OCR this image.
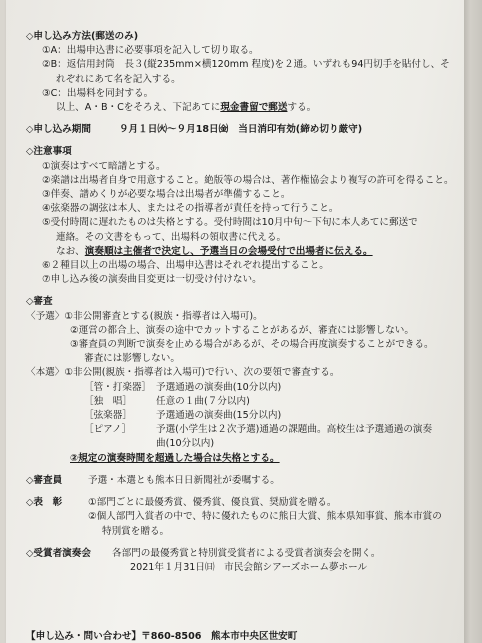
◇申し込み方法(郵送のみ)
①A：出場申込書に必要事項を記入して切り取る。
②B：返信用封筒　長３(縦235mm×横120mm 程度)を２通。いずれも94円切手を貼付し、そ
れぞれにあて名を記入する。
③C：出場料を同封する。
以上、A・B・Cをそろえ、下記あてに現金書留で郵送する。
◇申し込み期間	９月１日㈫～９月18日㈮ 当日消印有効(締め切り厳守)
◇注意事項
①演奏はすべて暗譜とする。
②楽譜は出場者自身で用意すること。絶版等の場合は、著作権協会より複写の許可を得ること。
③伴奏、譜めくりが必要な場合は出場者が準備すること。
④弦楽器の調弦は本人、またはその指導者が責任を持って行うこと。
⑤受付時間に遅れたものは失格とする。受付時間は10月中旬～下旬に本人あてに郵送で
連絡。その文書をもって、出場料の領収書に代える。
なお、演奏順は主催者で決定し、予選当日の会場受付で出場者に伝える。
⑥２種目以上の出場の場合、出場申込書はそれぞれ提出すること。
⑦申し込み後の演奏曲目変更は一切受け付けない。
◇審査
〈予選〉①非公開審査とする(親族・指導者は入場可)。
②運営の都合上、演奏の途中でカットすることがあるが、審査には影響しない。
③審査員の判断で演奏を止める場合があるが、その場合再度演奏することができる。
審査には影響しない。
〈本選〉①非公開(親族・指導者は入場可)で行い、次の要領で審査する。
［管・打楽器］ 予選通過の演奏曲(10分以内)
［独　唱］	任意の１曲(７分以内)
［弦楽器］	予選通過の演奏曲(15分以内)
［ピアノ］	予選(小学生は２次予選)通過の課題曲。高校生は予選通過の演奏
曲(10分以内)
②規定の演奏時間を超過した場合は失格とする。
◇審査員	予選・本選とも熊本日日新聞社が委嘱する。
◇表　彰	①部門ごとに最優秀賞、優秀賞、優良賞、奨励賞を贈る。
②個人部門入賞者の中で、特に優れたものに熊日大賞、熊本県知事賞、熊本市賞の
特別賞を贈る。
◇受賞者演奏会	各部門の最優秀賞と特別賞受賞者による受賞者演奏会を開く。
2021年１月31日㈰　市民会館シアーズホーム夢ホール
【申し込み・問い合わせ】〒860-8506　熊本市中央区世安町
